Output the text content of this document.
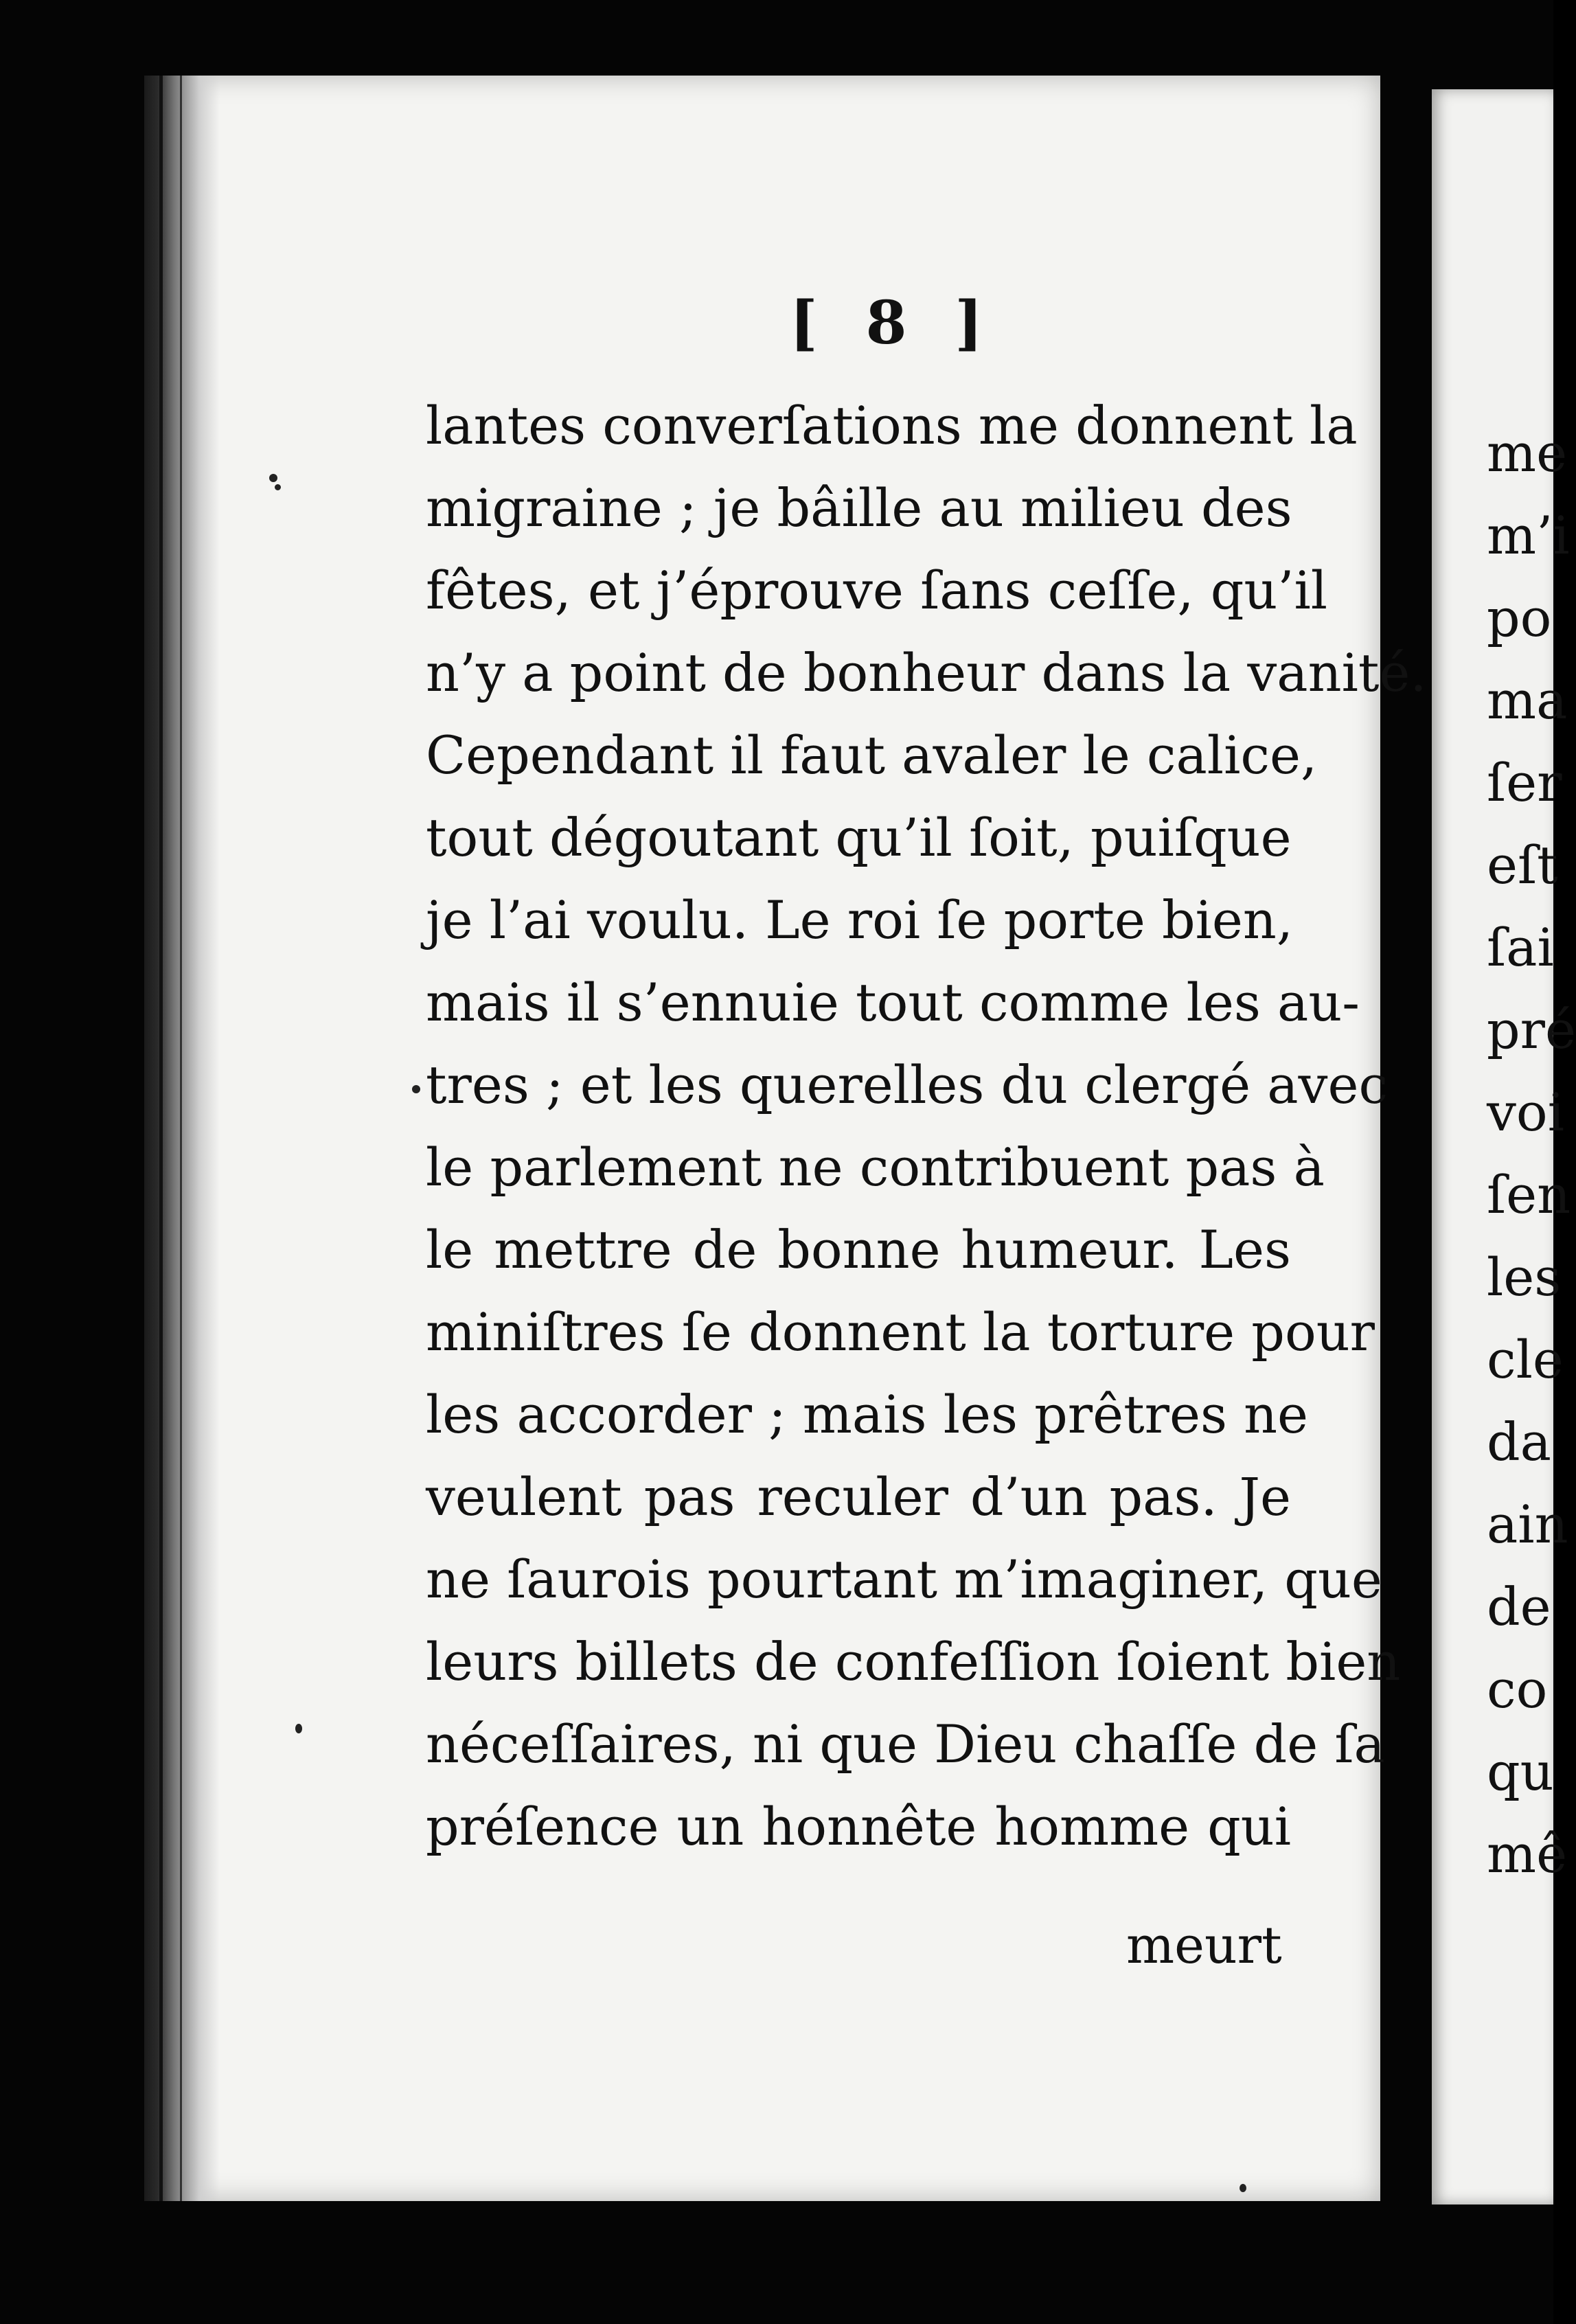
[ 8 ]
lantes converſations me donnent la
migraine ; je bâille au milieu des
fêtes, et j’éprouve ſans ceſſe, qu’il
n’y a point de bonheur dans la vanité.
Cependant il faut avaler le calice,
tout dégoutant qu’il ſoit, puiſque
je l’ai voulu. Le roi ſe porte bien,
mais il s’ennuie tout comme les au-
tres ; et les querelles du clergé avec
le parlement ne contribuent pas à
le mettre de bonne humeur. Les
miniſtres ſe donnent la torture pour
les accorder ; mais les prêtres ne
veulent pas reculer d’un pas. Je
ne ſaurois pourtant m’imaginer, que
leurs billets de confeſſion ſoient bien
néceſſaires, ni que Dieu chaſſe de ſa
préſence un honnête homme qui
meurt
me
m’i
po
ma
ſer
eſt
ſai
pré
voi
ſen
les
cle
da
ain
de
co
qu
mê
